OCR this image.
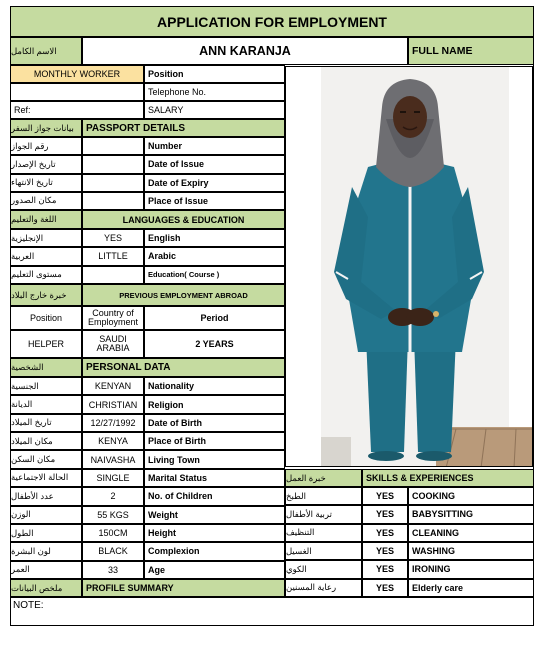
APPLICATION FOR EMPLOYMENT
الاسم الكامل	ANN KARANJA	FULL NAME
MONTHLY WORKER	Position
Telephone No.
Ref:	SALARY
بيانات جواز السفر	PASSPORT DETAILS
رقم الجواز	Number
تاريخ الإصدار	Date of Issue
تاريخ الانتهاء	Date of Expiry
مكان الصدور	Place of Issue
اللغة والتعليم	LANGUAGES & EDUCATION
الإنجليزية	YES	English
العربية	LITTLE	Arabic
مستوى التعليم	Education( Course )
خبرة خارج البلاد	PREVIOUS EMPLOYMENT ABROAD
Position	Country of Employment	Period
HELPER	SAUDI ARABIA	2 YEARS
الشخصية	PERSONAL DATA
الجنسية	KENYAN	Nationality
الديانة	CHRISTIAN	Religion
تاريخ الميلاد	12/27/1992	Date of Birth
مكان الميلاد	KENYA	Place of Birth
مكان السكن	NAIVASHA	Living Town
الحالة الاجتماعية	SINGLE	Marital Status
عدد الأطفال	2	No. of Children
الوزن	55 KGS	Weight
الطول	150CM	Height
لون البشرة	BLACK	Complexion
العمر	33	Age
خبرة العمل	SKILLS & EXPERIENCES
الطبخ	YES	COOKING
تربية الأطفال	YES	BABYSITTING
التنظيف	YES	CLEANING
الغسيل	YES	WASHING
الكوي	YES	IRONING
رعاية المسنين	YES	Elderly care
ملخص البيانات	PROFILE SUMMARY
NOTE:
